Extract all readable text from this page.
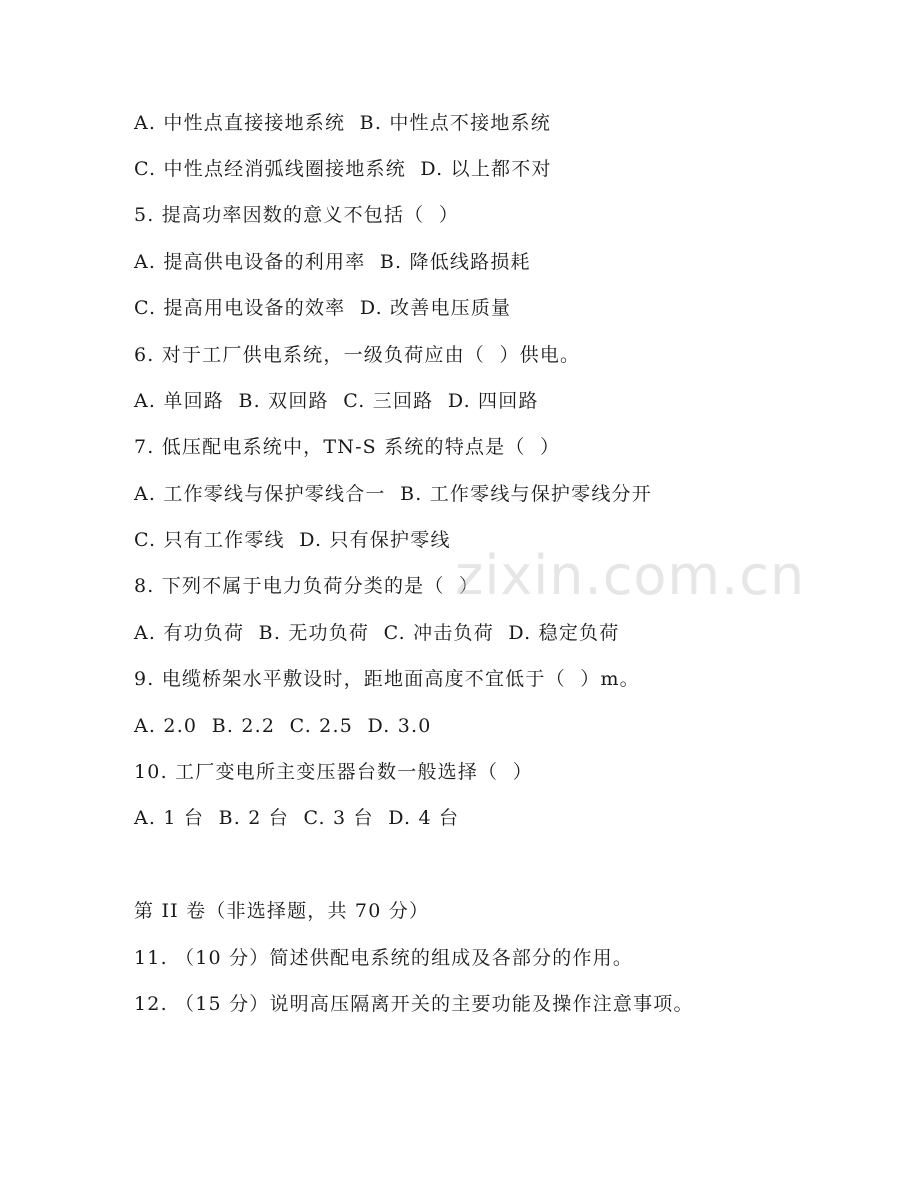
A. 中性点直接接地系统  B. 中性点不接地系统
C. 中性点经消弧线圈接地系统  D. 以上都不对
5. 提高功率因数的意义不包括（  ）
A. 提高供电设备的利用率  B. 降低线路损耗
C. 提高用电设备的效率  D. 改善电压质量
6. 对于工厂供电系统，一级负荷应由（  ）供电。
A. 单回路  B. 双回路  C. 三回路  D. 四回路
7. 低压配电系统中，TN-S 系统的特点是（  ）
A. 工作零线与保护零线合一  B. 工作零线与保护零线分开
C. 只有工作零线  D. 只有保护零线
8. 下列不属于电力负荷分类的是（  ）
A. 有功负荷  B. 无功负荷  C. 冲击负荷  D. 稳定负荷
9. 电缆桥架水平敷设时，距地面高度不宜低于（  ）m。
A. 2.0  B. 2.2  C. 2.5  D. 3.0
10. 工厂变电所主变压器台数一般选择（  ）
A. 1 台  B. 2 台  C. 3 台  D. 4 台
第 II 卷（非选择题，共 70 分）
11. （10 分）简述供配电系统的组成及各部分的作用。
12. （15 分）说明高压隔离开关的主要功能及操作注意事项。
zixin.com.cn
